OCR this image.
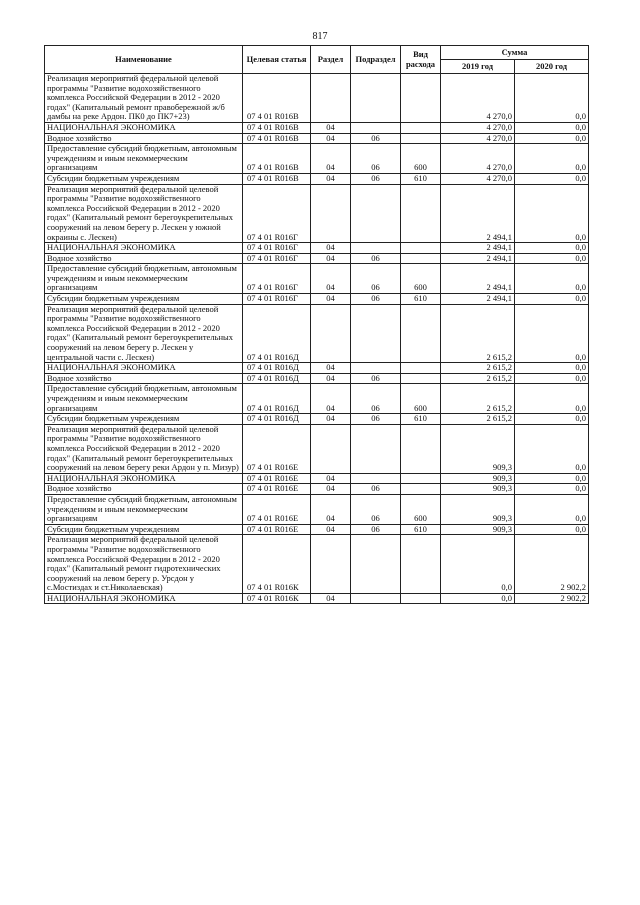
817
Наименование	Целевая статья	Раздел	Подраздел	Вид расхода	Сумма	
					2019 год	2020 год
Реализация мероприятий федеральной целевой программы "Развитие водохозяйственного комплекса Российской Федерации в 2012 - 2020 годах" (Капитальный ремонт правобережной ж/б дамбы на реке Ардон. ПК0 до ПК7+23)	07 4 01 R016В				4 270,0	0,0
НАЦИОНАЛЬНАЯ ЭКОНОМИКА	07 4 01 R016В	04			4 270,0	0,0
Водное хозяйство	07 4 01 R016В	04	06		4 270,0	0,0
Предоставление субсидий бюджетным, автономным учреждениям и иным некоммерческим организациям	07 4 01 R016В	04	06	600	4 270,0	0,0
Субсидии бюджетным учреждениям	07 4 01 R016В	04	06	610	4 270,0	0,0
Реализация мероприятий федеральной целевой программы "Развитие водохозяйственного комплекса Российской Федерации в 2012 - 2020 годах" (Капитальный ремонт берегоукрепительных сооружений на левом берегу р. Лескен у южной окраины с. Лескен)	07 4 01 R016Г				2 494,1	0,0
НАЦИОНАЛЬНАЯ ЭКОНОМИКА	07 4 01 R016Г	04			2 494,1	0,0
Водное хозяйство	07 4 01 R016Г	04	06		2 494,1	0,0
Предоставление субсидий бюджетным, автономным учреждениям и иным некоммерческим организациям	07 4 01 R016Г	04	06	600	2 494,1	0,0
Субсидии бюджетным учреждениям	07 4 01 R016Г	04	06	610	2 494,1	0,0
Реализация мероприятий федеральной целевой программы "Развитие водохозяйственного комплекса Российской Федерации в 2012 - 2020 годах" (Капитальный ремонт берегоукрепительных сооружений на левом берегу р. Лескен у центральной части с. Лескен)	07 4 01 R016Д				2 615,2	0,0
НАЦИОНАЛЬНАЯ ЭКОНОМИКА	07 4 01 R016Д	04			2 615,2	0,0
Водное хозяйство	07 4 01 R016Д	04	06		2 615,2	0,0
Предоставление субсидий бюджетным, автономным учреждениям и иным некоммерческим организациям	07 4 01 R016Д	04	06	600	2 615,2	0,0
Субсидии бюджетным учреждениям	07 4 01 R016Д	04	06	610	2 615,2	0,0
Реализация мероприятий федеральной целевой программы "Развитие водохозяйственного комплекса Российской Федерации в 2012 - 2020 годах" (Капитальный ремонт берегоукрепительных сооружений на левом берегу реки Ардон у п. Мизур)	07 4 01 R016Е				909,3	0,0
НАЦИОНАЛЬНАЯ ЭКОНОМИКА	07 4 01 R016Е	04			909,3	0,0
Водное хозяйство	07 4 01 R016Е	04	06		909,3	0,0
Предоставление субсидий бюджетным, автономным учреждениям и иным некоммерческим организациям	07 4 01 R016Е	04	06	600	909,3	0,0
Субсидии бюджетным учреждениям	07 4 01 R016Е	04	06	610	909,3	0,0
Реализация мероприятий федеральной целевой программы "Развитие водохозяйственного комплекса Российской Федерации в 2012 - 2020 годах" (Капитальный ремонт гидротехнических сооружений на левом берегу р. Урсдон у с.Мостиздах и ст.Николаевская)	07 4 01 R016К				0,0	2 902,2
НАЦИОНАЛЬНАЯ ЭКОНОМИКА	07 4 01 R016К	04			0,0	2 902,2
